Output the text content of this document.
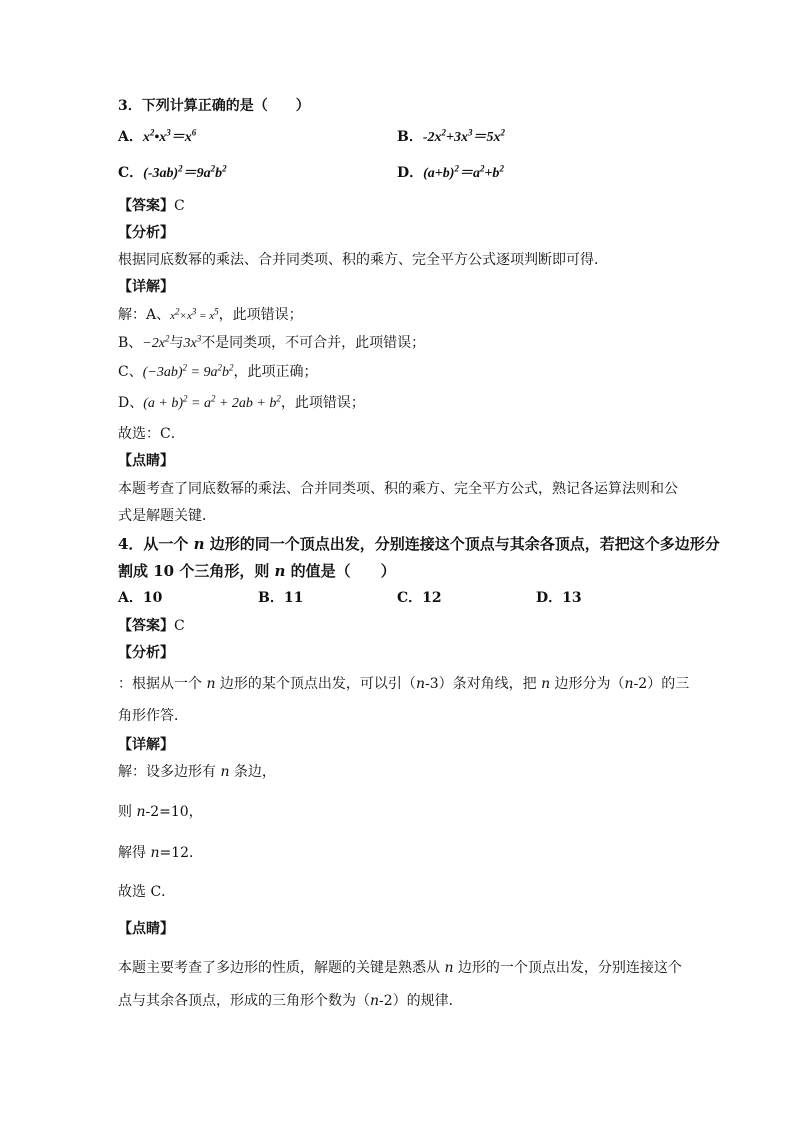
3．下列计算正确的是（　　）
A．$x^2•x^3=x^6$	B．$-2x^2+3x^3=5x^2$
C．$(-3ab)^2=9a^2b^2$	D．$(a+b)^2=a^2+b^2$
【答案】C
【分析】
根据同底数幂的乘法、合并同类项、积的乘方、完全平方公式逐项判断即可得．
【详解】
解：A、$x^2\times x^3 = x^5$，此项错误；
B、$-2x^2$与$3x^3$不是同类项，不可合并，此项错误；
C、$(-3ab)^2 = 9a^2b^2$，此项正确；
D、$(a + b)^2 = a^2 + 2ab + b^2$，此项错误；
故选：C．
【点睛】
本题考查了同底数幂的乘法、合并同类项、积的乘方、完全平方公式，熟记各运算法则和公
式是解题关键．
4．从一个 n 边形的同一个顶点出发，分别连接这个顶点与其余各顶点，若把这个多边形分
割成 10 个三角形，则 n 的值是（　　）
A．10	B．11	C．12	D．13
【答案】C
【分析】
：根据从一个 n 边形的某个顶点出发，可以引（n-3）条对角线，把 n 边形分为（n-2）的三
角形作答．
【详解】
解：设多边形有 n 条边，
则 n-2=10，
解得 n=12．
故选 C．
【点睛】
本题主要考查了多边形的性质，解题的关键是熟悉从 n 边形的一个顶点出发，分别连接这个
点与其余各顶点，形成的三角形个数为（n-2）的规律．
